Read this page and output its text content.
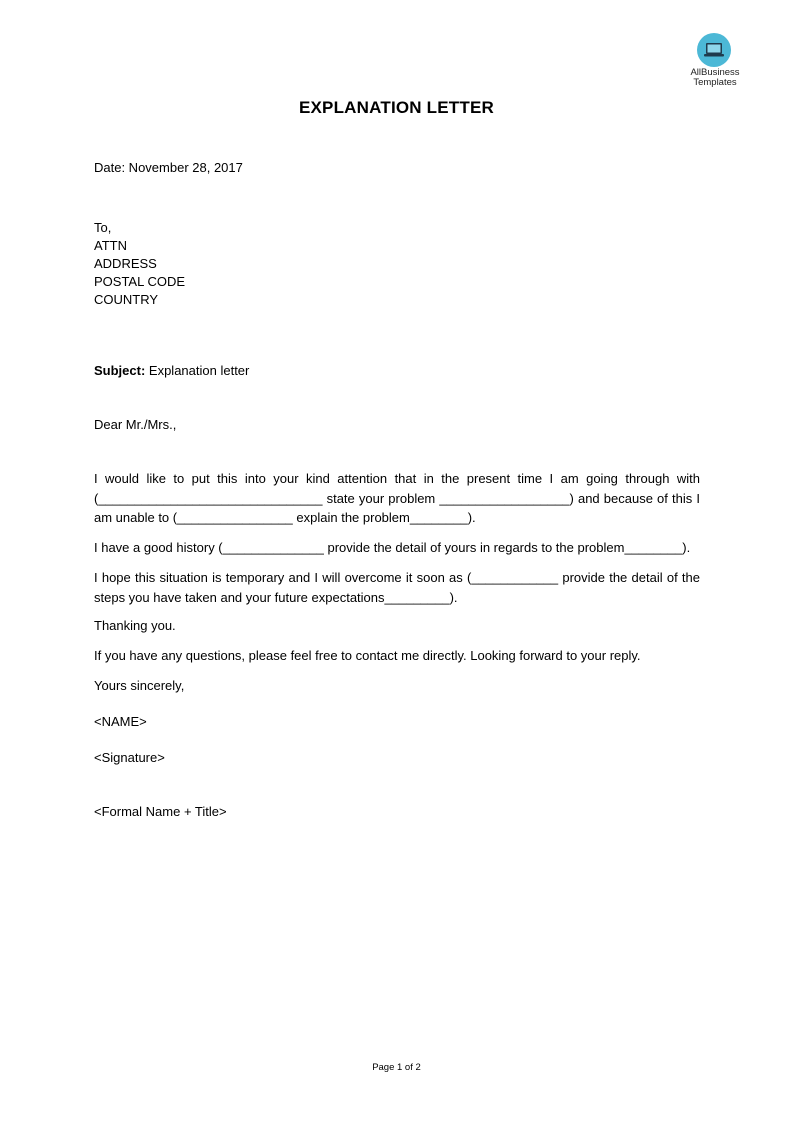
AllBusiness
Templates
EXPLANATION LETTER
Date: November 28, 2017
To,
ATTN
ADDRESS
POSTAL CODE
COUNTRY
Subject: Explanation letter
Dear Mr./Mrs.,
I would like to put this into your kind attention that in the present time I am going through with (_______________________________ state your problem __________________) and because of this I am unable to (________________ explain the problem________).
I have a good history (______________ provide the detail of yours in regards to the problem________).
I hope this situation is temporary and I will overcome it soon as (____________ provide the detail of the steps you have taken and your future expectations_________).
Thanking you.
If you have any questions, please feel free to contact me directly. Looking forward to your reply.
Yours sincerely,
<NAME>
<Signature>
<Formal Name + Title>
Page 1 of 2
